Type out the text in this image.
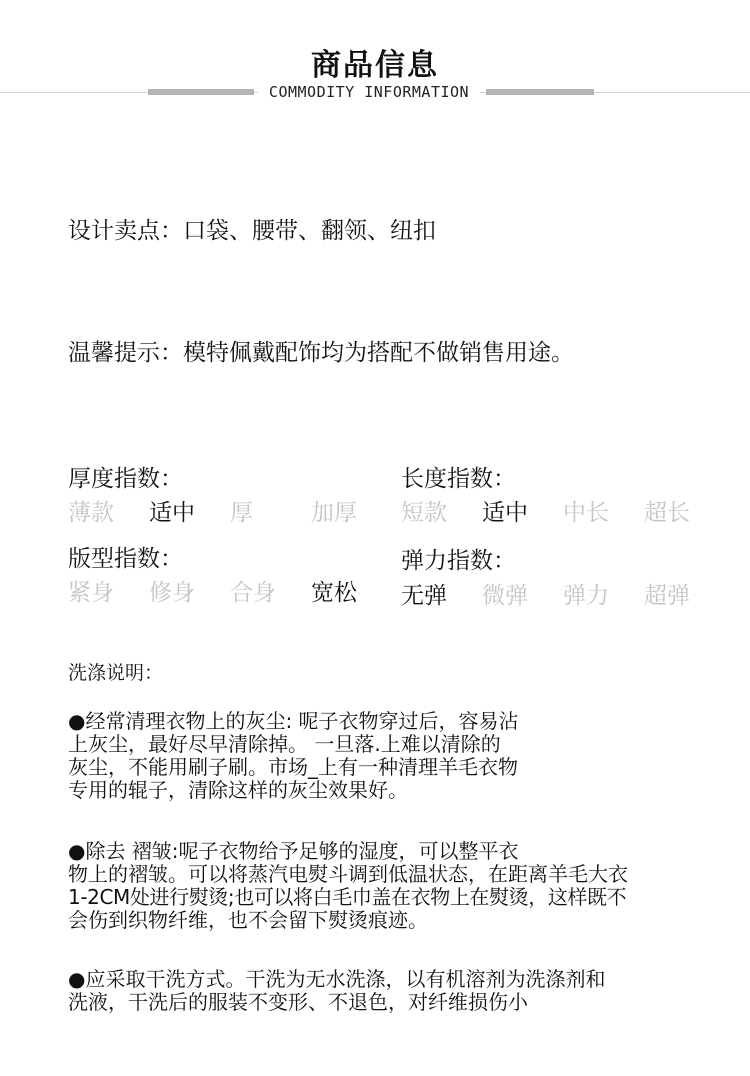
商品信息
COMMODITY INFORMATION
设计卖点：口袋、腰带、翻领、纽扣
温馨提示：模特佩戴配饰均为搭配不做销售用途。
厚度指数：
薄款	适中	厚	加厚
长度指数：
短款	适中	中长	超长
版型指数：
紧身	修身	合身	宽松
弹力指数：
无弹	微弹	弹力	超弹
洗涤说明：
●经常清理衣物上的灰尘: 呢子衣物穿过后，容易沾
上灰尘，最好尽早清除掉。 一旦落.上难以清除的
灰尘，不能用刷子刷。市场_上有一种清理羊毛衣物
专用的辊子，清除这样的灰尘效果好。
●除去 褶皱:呢子衣物给予足够的湿度，可以整平衣
物上的褶皱。可以将蒸汽电熨斗调到低温状态，在距离羊毛大衣
1-2CM处进行熨烫;也可以将白毛巾盖在衣物上在熨烫，这样既不
会伤到织物纤维，也不会留下熨烫痕迹。
●应采取干洗方式。干洗为无水洗涤，以有机溶剂为洗涤剂和
洗液，干洗后的服装不变形、不退色，对纤维损伤小
